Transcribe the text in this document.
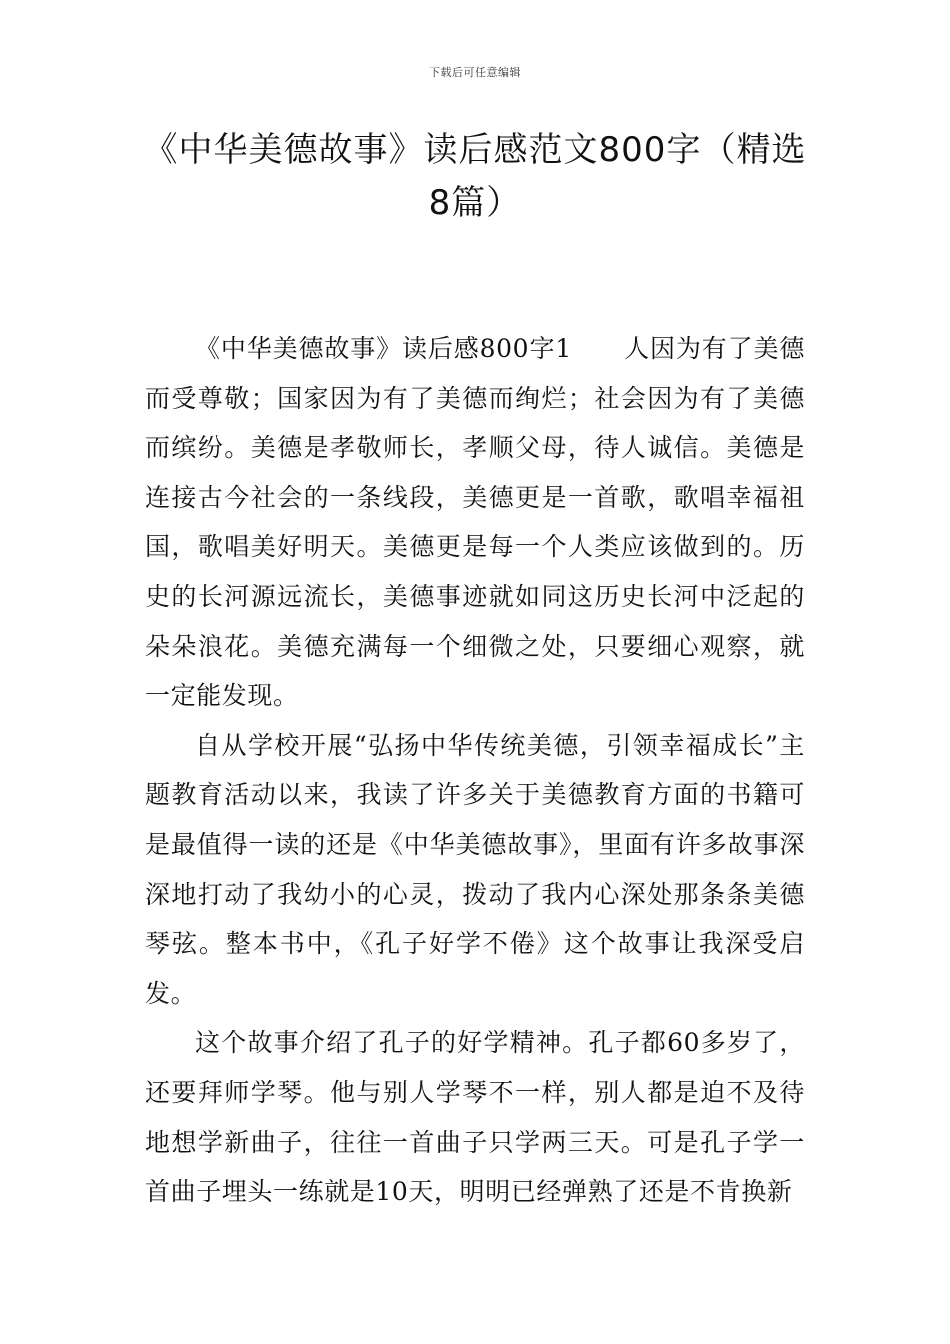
下载后可任意编辑
《中华美德故事》读后感范文800字（精选8篇）

《中华美德故事》读后感800字1 人因为有了美德而受尊敬；国家因为有了美德而绚烂；社会因为有了美德而缤纷。美德是孝敬师长，孝顺父母，待人诚信。美德是连接古今社会的一条线段，美德更是一首歌，歌唱幸福祖国，歌唱美好明天。美德更是每一个人类应该做到的。历史的长河源远流长，美德事迹就如同这历史长河中泛起的朵朵浪花。美德充满每一个细微之处，只要细心观察，就一定能发现。

自从学校开展“弘扬中华传统美德，引领幸福成长”主题教育活动以来，我读了许多关于美德教育方面的书籍可是最值得一读的还是《中华美德故事》，里面有许多故事深深地打动了我幼小的心灵，拨动了我内心深处那条条美德琴弦。整本书中，《孔子好学不倦》这个故事让我深受启发。

这个故事介绍了孔子的好学精神。孔子都60多岁了，还要拜师学琴。他与别人学琴不一样，别人都是迫不及待地想学新曲子，往往一首曲子只学两三天。可是孔子学一首曲子埋头一练就是10天，明明已经弹熟了还是不肯换新
